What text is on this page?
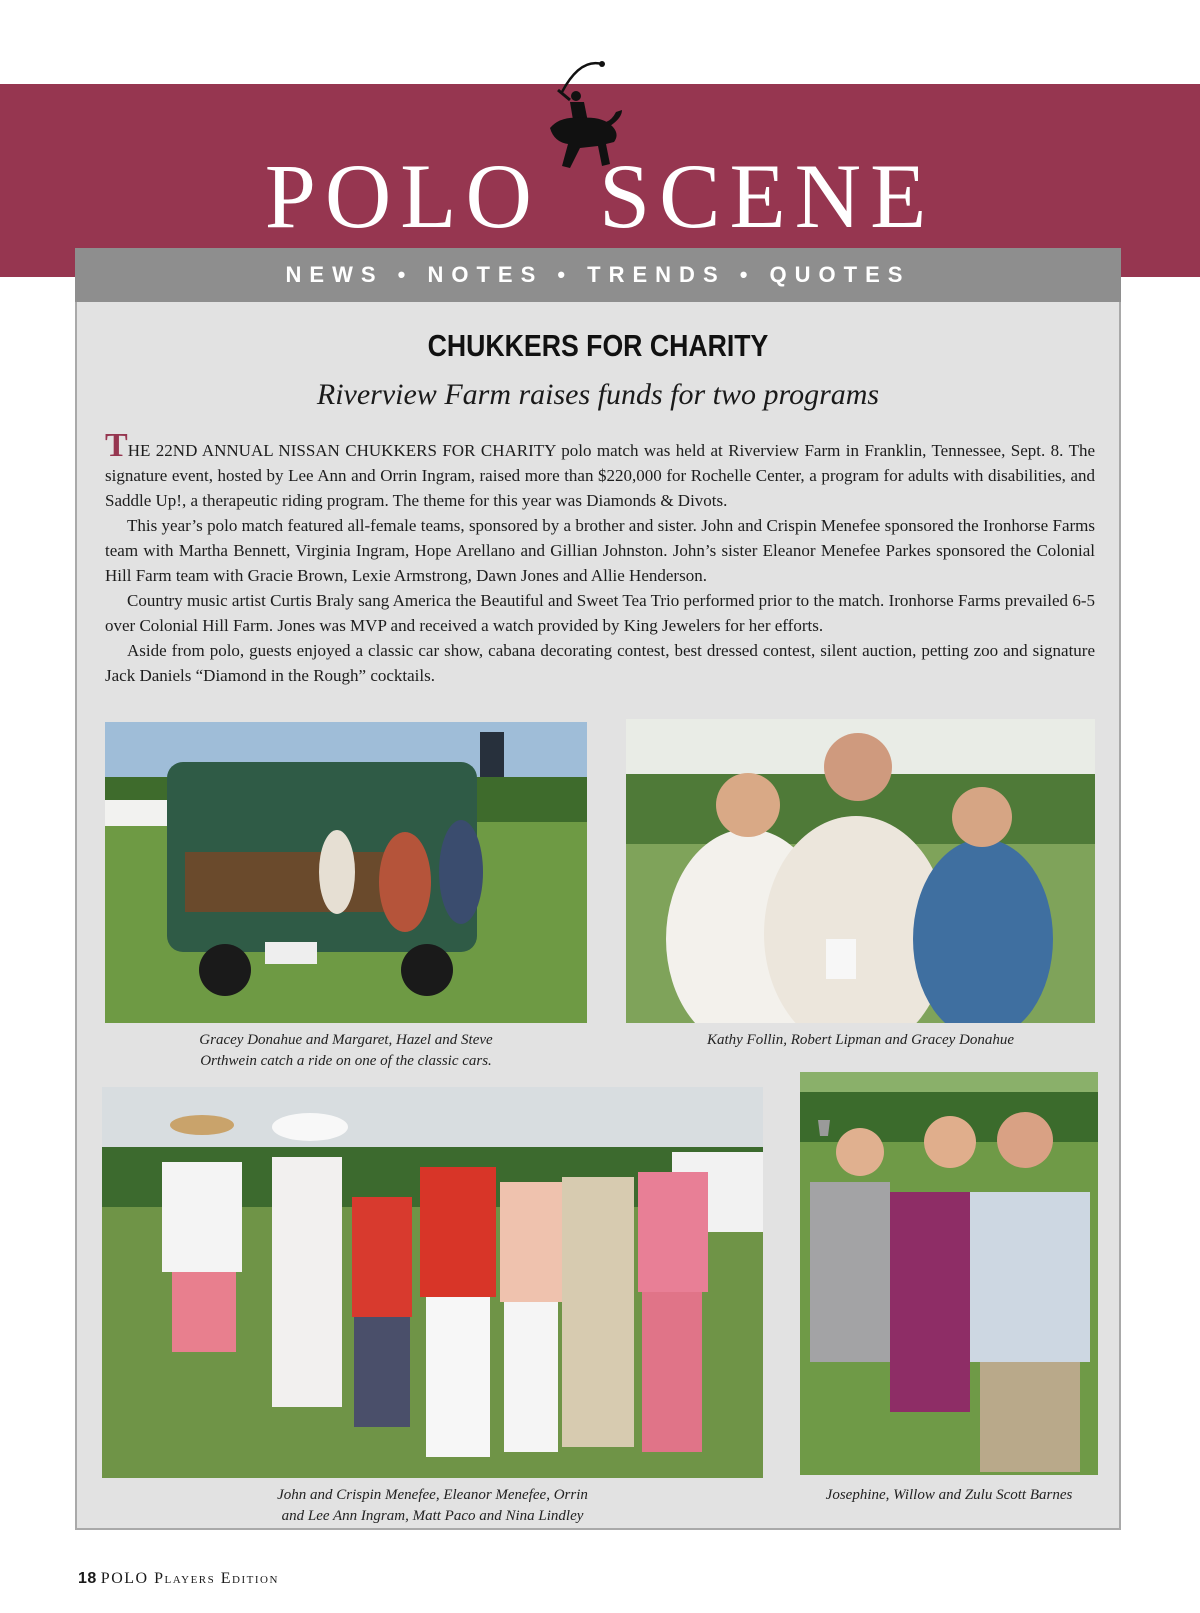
POLO SCENE
NEWS • NOTES • TRENDS • QUOTES
CHUKKERS FOR CHARITY
Riverview Farm raises funds for two programs

THE 22ND ANNUAL NISSAN CHUKKERS FOR CHARITY polo match was held at Riverview Farm in Franklin, Tennessee, Sept. 8. The signature event, hosted by Lee Ann and Orrin Ingram, raised more than $220,000 for Rochelle Center, a program for adults with disabilities, and Saddle Up!, a therapeutic riding program. The theme for this year was Diamonds & Divots.

This year’s polo match featured all-female teams, sponsored by a brother and sister. John and Crispin Menefee sponsored the Ironhorse Farms team with Martha Bennett, Virginia Ingram, Hope Arellano and Gillian Johnston. John’s sister Eleanor Menefee Parkes sponsored the Colonial Hill Farm team with Gracie Brown, Lexie Armstrong, Dawn Jones and Allie Henderson.

Country music artist Curtis Braly sang America the Beautiful and Sweet Tea Trio performed prior to the match. Ironhorse Farms prevailed 6-5 over Colonial Hill Farm. Jones was MVP and received a watch provided by King Jewelers for her efforts.

Aside from polo, guests enjoyed a classic car show, cabana decorating contest, best dressed contest, silent auction, petting zoo and signature Jack Daniels “Diamond in the Rough” cocktails.

Gracey Donahue and Margaret, Hazel and Steve
Orthwein catch a ride on one of the classic cars.
Kathy Follin, Robert Lipman and Gracey Donahue
John and Crispin Menefee, Eleanor Menefee, Orrin
and Lee Ann Ingram, Matt Paco and Nina Lindley
Josephine, Willow and Zulu Scott Barnes
18 POLO Players Edition
